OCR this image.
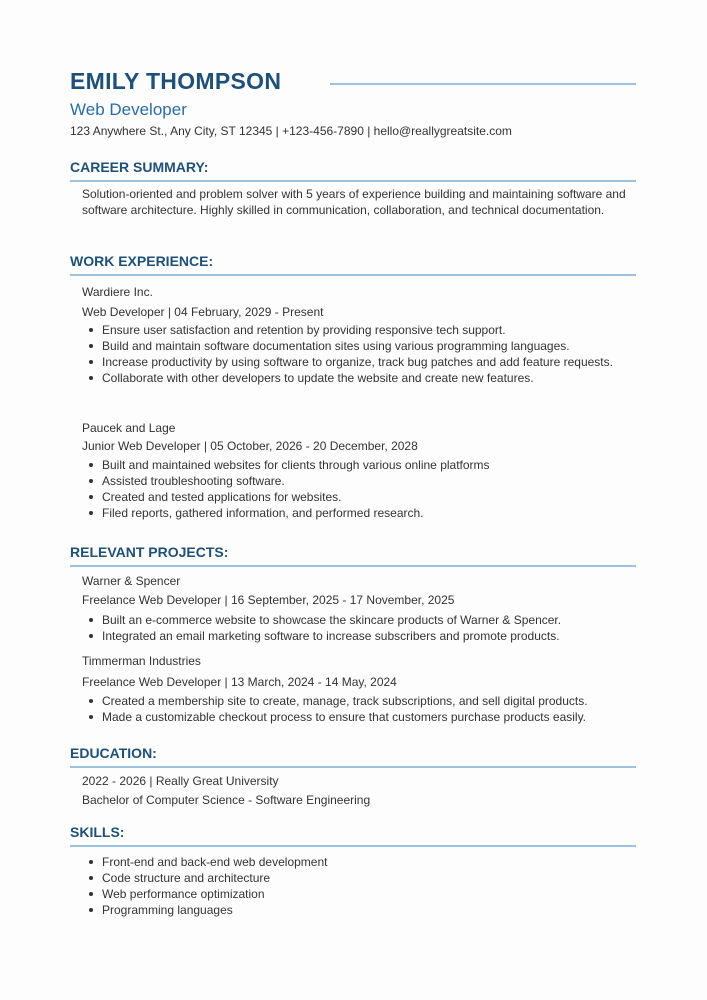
EMILY THOMPSON
Web Developer
123 Anywhere St., Any City, ST 12345 | +123-456-7890 | hello@reallygreatsite.com
CAREER SUMMARY:
Solution-oriented and problem solver with 5 years of experience building and maintaining software and software architecture. Highly skilled in communication, collaboration, and technical documentation.
WORK EXPERIENCE:
Wardiere Inc.
Web Developer | 04 February, 2029 - Present
Ensure user satisfaction and retention by providing responsive tech support.
Build and maintain software documentation sites using various programming languages.
Increase productivity by using software to organize, track bug patches and add feature requests.
Collaborate with other developers to update the website and create new features.
Paucek and Lage
Junior Web Developer | 05 October, 2026 - 20 December, 2028
Built and maintained websites for clients through various online platforms
Assisted troubleshooting software.
Created and tested applications for websites.
Filed reports, gathered information, and performed research.
RELEVANT PROJECTS:
Warner & Spencer
Freelance Web Developer | 16 September, 2025 - 17 November, 2025
Built an e-commerce website to showcase the skincare products of Warner & Spencer.
Integrated an email marketing software to increase subscribers and promote products.
Timmerman Industries
Freelance Web Developer | 13 March, 2024 - 14 May, 2024
Created a membership site to create, manage, track subscriptions, and sell digital products.
Made a customizable checkout process to ensure that customers purchase products easily.
EDUCATION:
2022 - 2026 | Really Great University
Bachelor of Computer Science - Software Engineering
SKILLS:
Front-end and back-end web development
Code structure and architecture
Web performance optimization
Programming languages
